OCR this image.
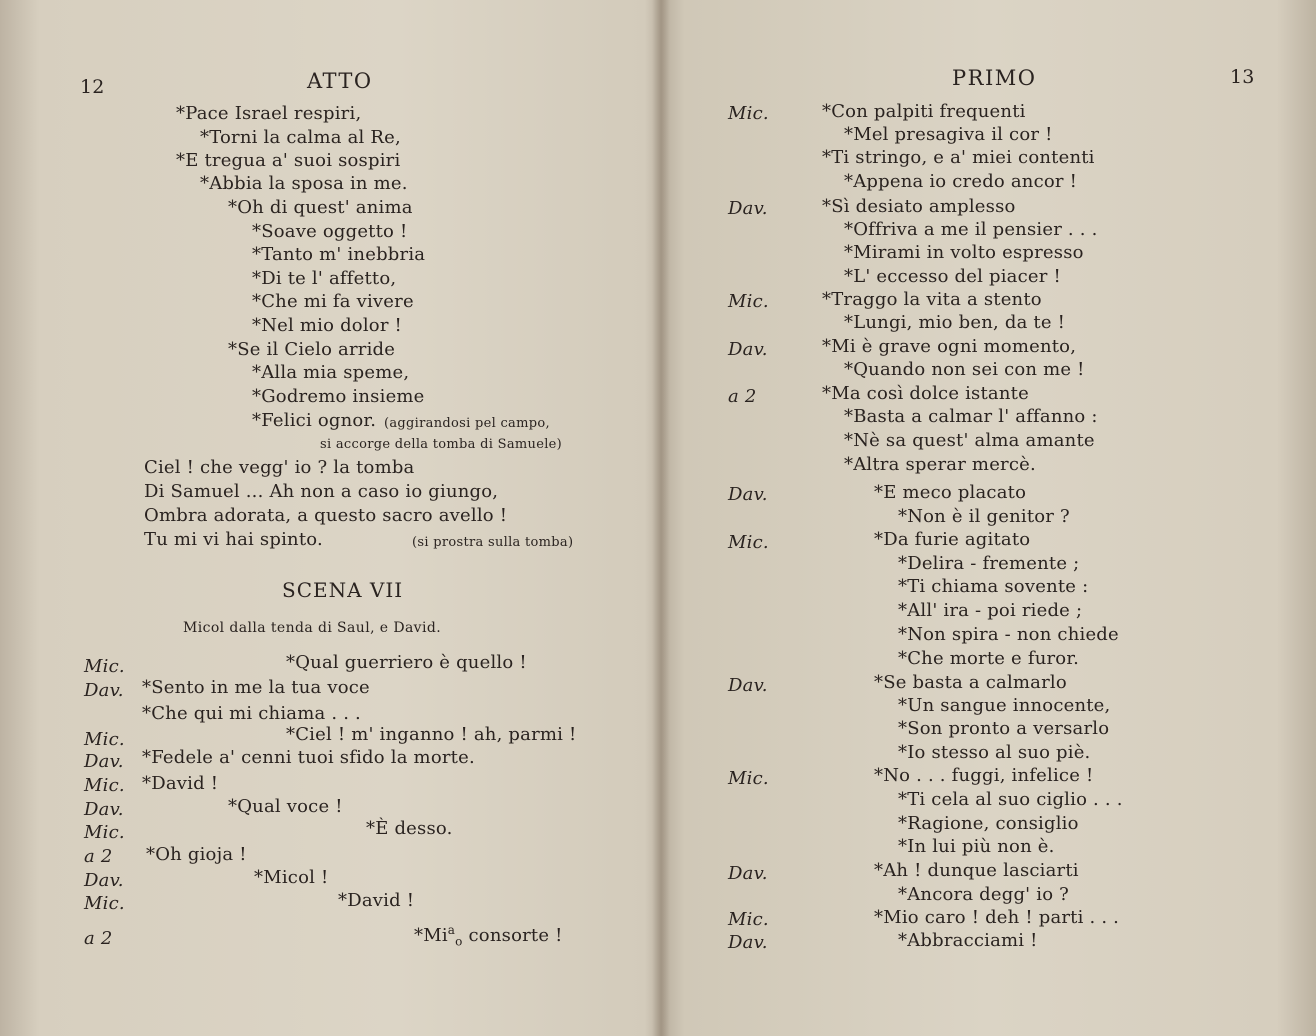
12	ATTO
*Pace Israel respiri,
*Torni la calma al Re,
*E tregua a' suoi sospiri
*Abbia la sposa in me.
*Oh di quest' anima
*Soave oggetto !
*Tanto m' inebbria
*Di te l' affetto,
*Che mi fa vivere
*Nel mio dolor !
*Se il Cielo arride
*Alla mia speme,
*Godremo insieme
*Felici ognor. (aggirandosi pel campo,
si accorge della tomba di Samuele)
Ciel ! che vegg' io ? la tomba
Di Samuel ... Ah non a caso io giungo,
Ombra adorata, a questo sacro avello !
Tu mi vi hai spinto.	(si prostra sulla tomba)
SCENA VII
Micol dalla tenda di Saul, e David.
Mic.	*Qual guerriero è quello !
Dav. *Sento in me la tua voce
*Che qui mi chiama . . .
Mic.	*Ciel ! m' inganno ! ah, parmi !
Dav. *Fedele a' cenni tuoi sfido la morte.
Mic. *David !
Dav.	*Qual voce !
Mic.	*È desso.
a 2 *Oh gioja !
Dav.	*Micol !
Mic.	*David !
a 2	$*Mi^a_o$ consorte !
PRIMO	13
Mic.	*Con palpiti frequenti
*Mel presagiva il cor !
*Ti stringo, e a' miei contenti
*Appena io credo ancor !
Dav.	*Sì desiato amplesso
*Offriva a me il pensier . . .
*Mirami in volto espresso
*L' eccesso del piacer !
Mic.	*Traggo la vita a stento
*Lungi, mio ben, da te !
Dav.	*Mi è grave ogni momento,
*Quando non sei con me !
a 2	*Ma così dolce istante
*Basta a calmar l' affanno :
*Nè sa quest' alma amante
*Altra sperar mercè.
Dav.	*E meco placato
*Non è il genitor ?
Mic.	*Da furie agitato
*Delira - fremente ;
*Ti chiama sovente :
*All' ira - poi riede ;
*Non spira - non chiede
*Che morte e furor.
Dav.	*Se basta a calmarlo
*Un sangue innocente,
*Son pronto a versarlo
*Io stesso al suo piè.
Mic.	*No . . . fuggi, infelice !
*Ti cela al suo ciglio . . .
*Ragione, consiglio
*In lui più non è.
Dav.	*Ah ! dunque lasciarti
*Ancora degg' io ?
Mic.	*Mio caro ! deh ! parti . . .
Dav.	*Abbracciami !
